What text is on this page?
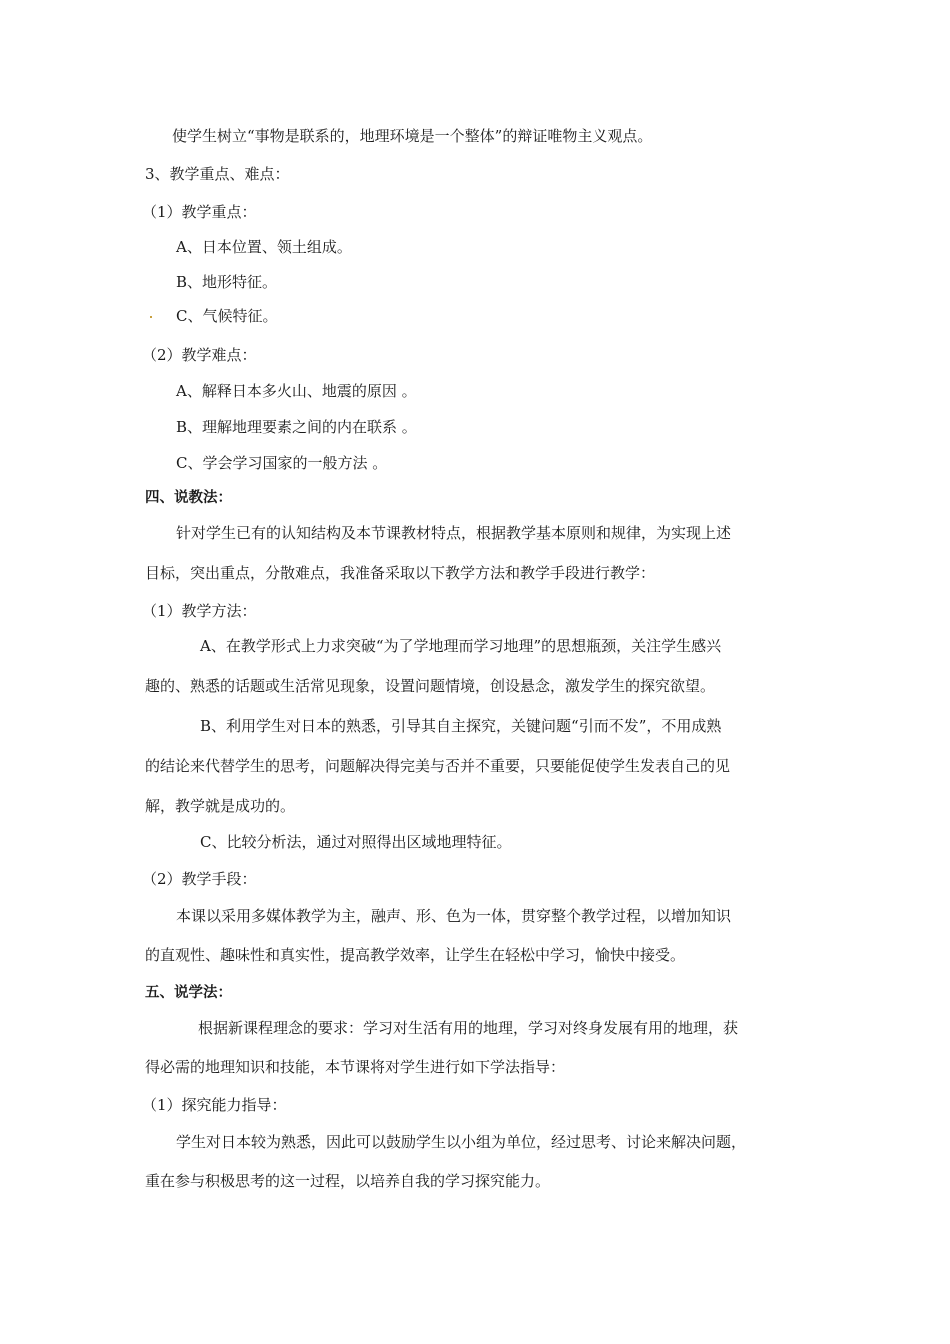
使学生树立“事物是联系的，地理环境是一个整体”的辩证唯物主义观点。
3、教学重点、难点：
（1）教学重点：
A、日本位置、领土组成。
B、地形特征。
C、气候特征。
（2）教学难点：
A、解释日本多火山、地震的原因 。
B、理解地理要素之间的内在联系 。
C、学会学习国家的一般方法 。
四、说教法：
针对学生已有的认知结构及本节课教材特点，根据教学基本原则和规律，为实现上述
目标，突出重点，分散难点，我准备采取以下教学方法和教学手段进行教学：
（1）教学方法：
A、在教学形式上力求突破“为了学地理而学习地理”的思想瓶颈，关注学生感兴
趣的、熟悉的话题或生活常见现象，设置问题情境，创设悬念，激发学生的探究欲望。
B、利用学生对日本的熟悉，引导其自主探究，关键问题“引而不发”，不用成熟
的结论来代替学生的思考，问题解决得完美与否并不重要，只要能促使学生发表自己的见
解，教学就是成功的。
C、比较分析法，通过对照得出区域地理特征。
（2）教学手段：
本课以采用多媒体教学为主，融声、形、色为一体，贯穿整个教学过程，以增加知识
的直观性、趣味性和真实性，提高教学效率，让学生在轻松中学习，愉快中接受。
五、说学法：
根据新课程理念的要求：学习对生活有用的地理，学习对终身发展有用的地理，获
得必需的地理知识和技能，本节课将对学生进行如下学法指导：
（1）探究能力指导：
学生对日本较为熟悉，因此可以鼓励学生以小组为单位，经过思考、讨论来解决问题，
重在参与积极思考的这一过程，以培养自我的学习探究能力。
